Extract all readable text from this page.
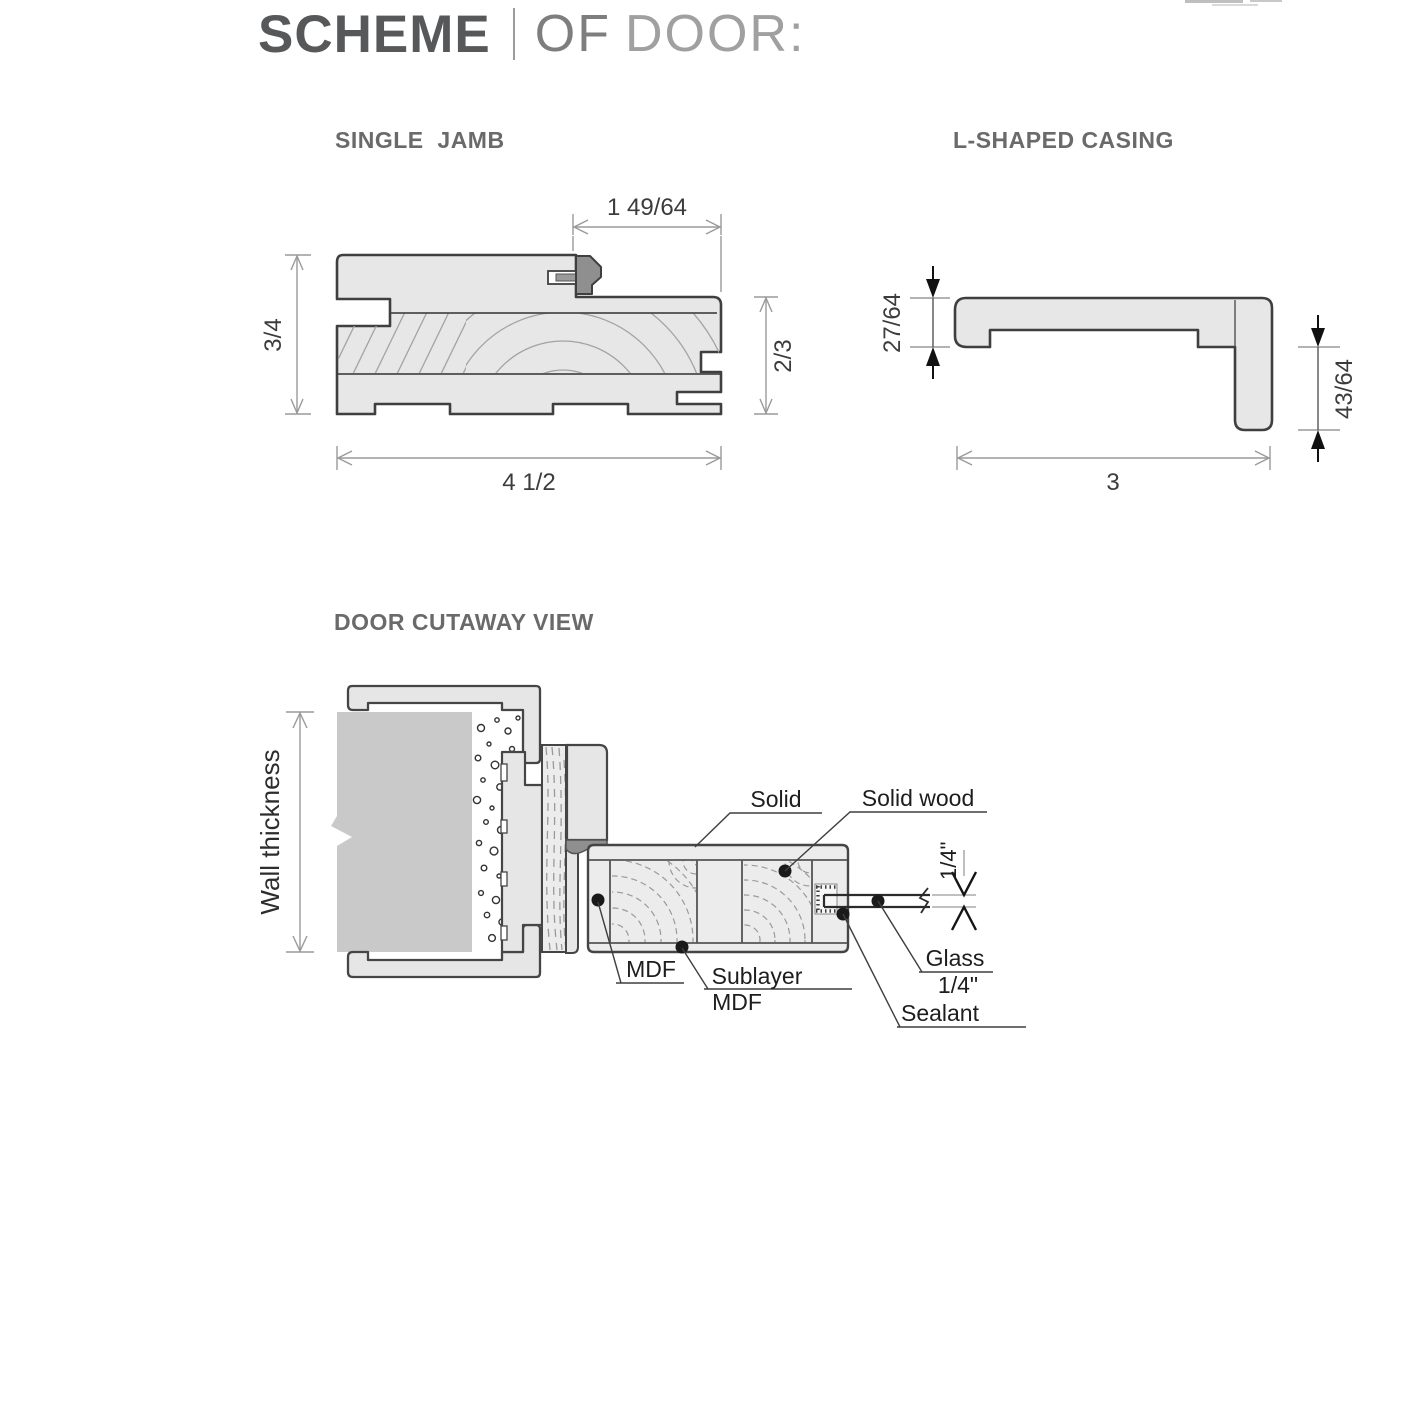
SCHEME OF DOOR:
SINGLE  JAMB	L-SHAPED CASING
DOOR CUTAWAY VIEW
1 49/64
3/4
2/3
4 1/2
27/64
43/64
3
Wall thickness	1/4"
Solid	Solid wood
MDF Sublayer
MDF
Glass
1/4"
Sealant
